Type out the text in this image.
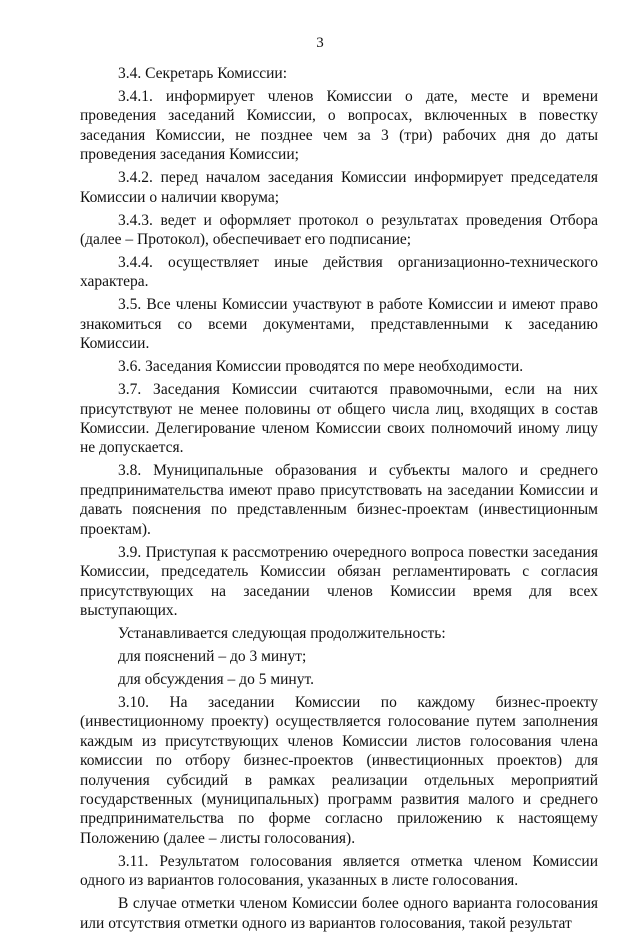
3

3.4. Секретарь Комиссии:

3.4.1. информирует членов Комиссии о дате, месте и времени проведения заседаний Комиссии, о вопросах, включенных в повестку заседания Комиссии, не позднее чем за 3 (три) рабочих дня до даты проведения заседания Комиссии;

3.4.2. перед началом заседания Комиссии информирует председателя Комиссии о наличии кворума;

3.4.3. ведет и оформляет протокол о результатах проведения Отбора (далее – Протокол), обеспечивает его подписание;

3.4.4. осуществляет иные действия организационно-технического характера.

3.5. Все члены Комиссии участвуют в работе Комиссии и имеют право знакомиться со всеми документами, представленными к заседанию Комиссии.

3.6. Заседания Комиссии проводятся по мере необходимости.

3.7. Заседания Комиссии считаются правомочными, если на них присутствуют не менее половины от общего числа лиц, входящих в состав Комиссии. Делегирование членом Комиссии своих полномочий иному лицу не допускается.

3.8. Муниципальные образования и субъекты малого и среднего предпринимательства имеют право присутствовать на заседании Комиссии и давать пояснения по представленным бизнес-проектам (инвестиционным проектам).

3.9. Приступая к рассмотрению очередного вопроса повестки заседания Комиссии, председатель Комиссии обязан регламентировать с согласия присутствующих на заседании членов Комиссии время для всех выступающих.

Устанавливается следующая продолжительность:

для пояснений – до 3 минут;

для обсуждения – до 5 минут.

3.10. На заседании Комиссии по каждому бизнес-проекту (инвестиционному проекту) осуществляется голосование путем заполнения каждым из присутствующих членов Комиссии листов голосования члена комиссии по отбору бизнес-проектов (инвестиционных проектов) для получения субсидий в рамках реализации отдельных мероприятий государственных (муниципальных) программ развития малого и среднего предпринимательства по форме согласно приложению к настоящему Положению (далее – листы голосования).

3.11. Результатом голосования является отметка членом Комиссии одного из вариантов голосования, указанных в листе голосования.

В случае отметки членом Комиссии более одного варианта голосования или отсутствия отметки одного из вариантов голосования, такой результат
